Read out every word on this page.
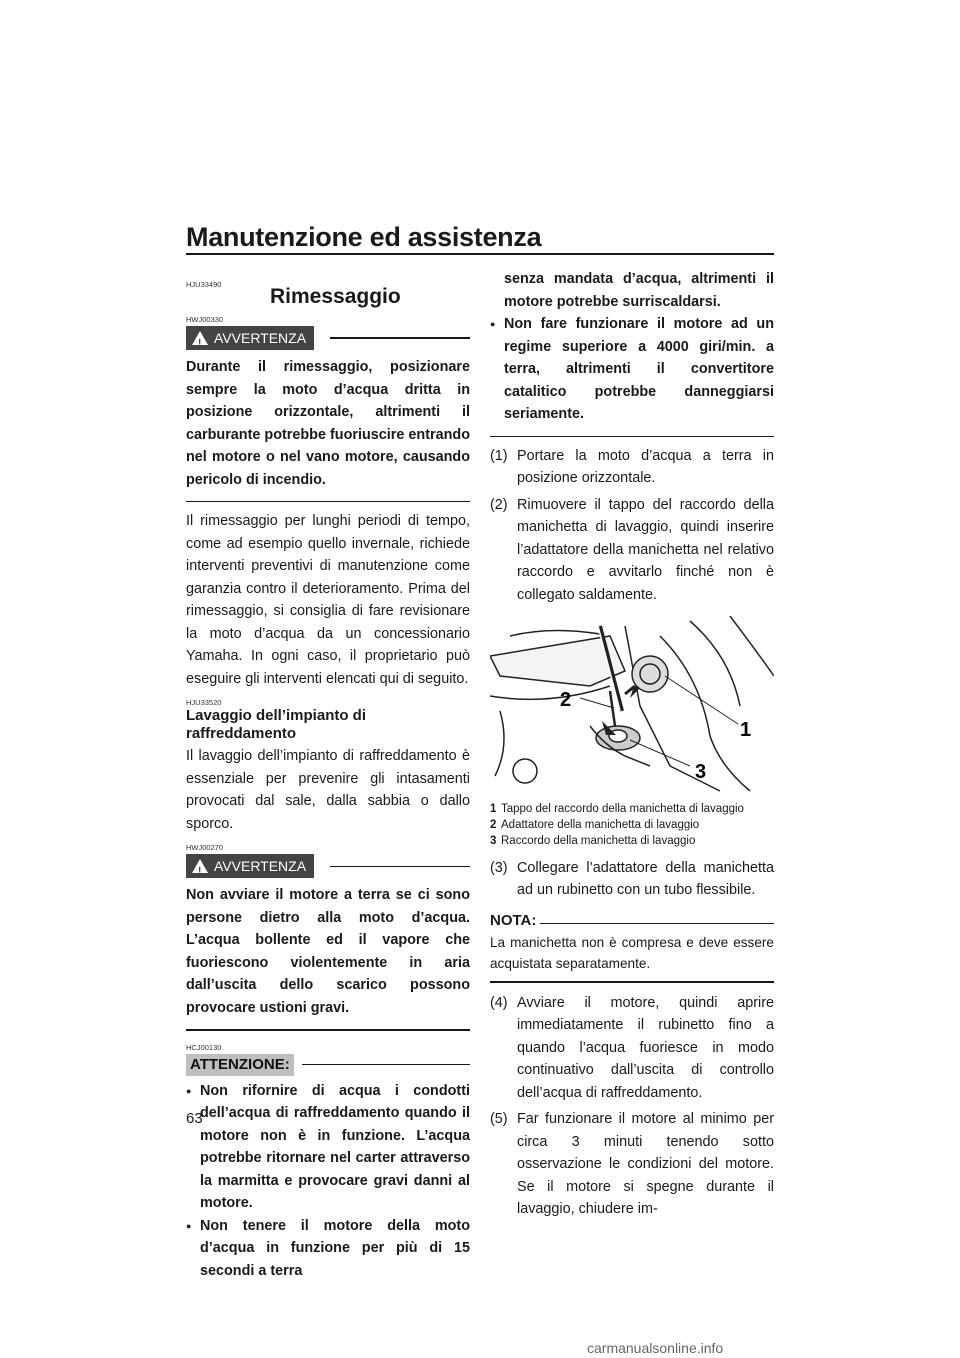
Manutenzione ed assistenza
HJU33490
Rimessaggio
HWJ00330
! AVVERTENZA

Durante il rimessaggio, posizionare sempre la moto d’acqua dritta in posizione orizzontale, altrimenti il carburante potrebbe fuoriuscire entrando nel motore o nel vano motore, causando pericolo di incendio.

Il rimessaggio per lunghi periodi di tempo, come ad esempio quello invernale, richiede interventi preventivi di manutenzione come garanzia contro il deterioramento. Prima del rimessaggio, si consiglia di fare revisionare la moto d’acqua da un concessionario Yamaha. In ogni caso, il proprietario può eseguire gli interventi elencati qui di seguito.

HJU33520
Lavaggio dell’impianto di raffreddamento

Il lavaggio dell’impianto di raffreddamento è essenziale per prevenire gli intasamenti provocati dal sale, dalla sabbia o dallo sporco.

HWJ00270
! AVVERTENZA

Non avviare il motore a terra se ci sono persone dietro alla moto d’acqua. L’acqua bollente ed il vapore che fuoriescono violentemente in aria dall’uscita dello scarico possono provocare ustioni gravi.

HCJ00130
ATTENZIONE:
● Non rifornire di acqua i condotti dell’acqua di raffreddamento quando il motore non è in funzione. L’acqua potrebbe ritornare nel carter attraverso la marmitta e provocare gravi danni al motore.
● Non tenere il motore della moto d’acqua in funzione per più di 15 secondi a terra
senza mandata d’acqua, altrimenti il motore potrebbe surriscaldarsi.
● Non fare funzionare il motore ad un regime superiore a 4000 giri/min. a terra, altrimenti il convertitore catalitico potrebbe danneggiarsi seriamente.
(1) Portare la moto d’acqua a terra in posizione orizzontale.
(2) Rimuovere il tappo del raccordo della manichetta di lavaggio, quindi inserire l’adattatore della manichetta nel relativo raccordo e avvitarlo finché non è collegato saldamente.
2
1
3
1 Tappo del raccordo della manichetta di lavaggio
2 Adattatore della manichetta di lavaggio
3 Raccordo della manichetta di lavaggio
(3) Collegare l’adattatore della manichetta ad un rubinetto con un tubo flessibile.
NOTA:

La manichetta non è compresa e deve essere acquistata separatamente.

(4) Avviare il motore, quindi aprire immediatamente il rubinetto fino a quando l’acqua fuoriesce in modo continuativo dall’uscita di controllo dell’acqua di raffreddamento.
(5) Far funzionare il motore al minimo per circa 3 minuti tenendo sotto osservazione le condizioni del motore. Se il motore si spegne durante il lavaggio, chiudere im-
63
carmanualsonline.info
